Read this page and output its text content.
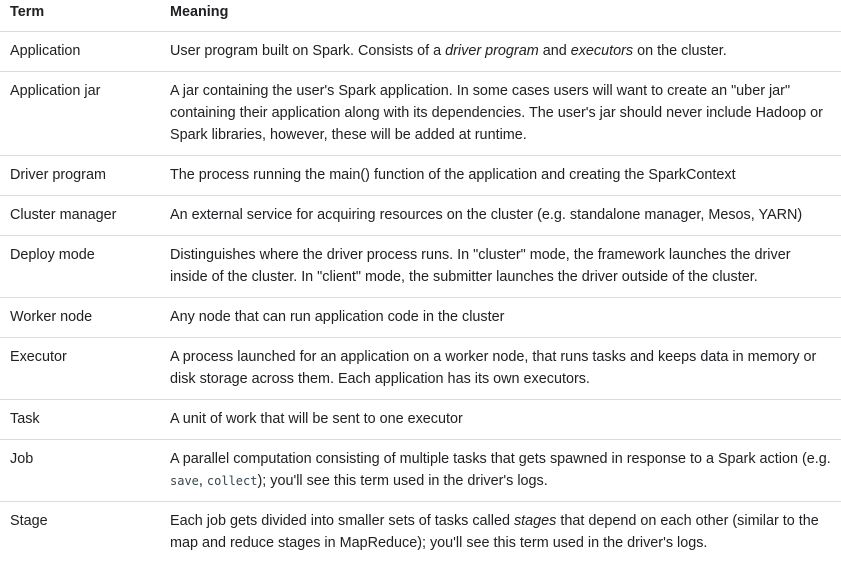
Term	Meaning
Application	User program built on Spark. Consists of a driver program and executors on the cluster.
Application jar	A jar containing the user's Spark application. In some cases users will want to create an "uber jar" containing their application along with its dependencies. The user's jar should never include Hadoop or Spark libraries, however, these will be added at runtime.
Driver program	The process running the main() function of the application and creating the SparkContext
Cluster manager	An external service for acquiring resources on the cluster (e.g. standalone manager, Mesos, YARN)
Deploy mode	Distinguishes where the driver process runs. In "cluster" mode, the framework launches the driver inside of the cluster. In "client" mode, the submitter launches the driver outside of the cluster.
Worker node	Any node that can run application code in the cluster
Executor	A process launched for an application on a worker node, that runs tasks and keeps data in memory or disk storage across them. Each application has its own executors.
Task	A unit of work that will be sent to one executor
Job	A parallel computation consisting of multiple tasks that gets spawned in response to a Spark action (e.g. save, collect); you'll see this term used in the driver's logs.
Stage	Each job gets divided into smaller sets of tasks called stages that depend on each other (similar to the map and reduce stages in MapReduce); you'll see this term used in the driver's logs.
